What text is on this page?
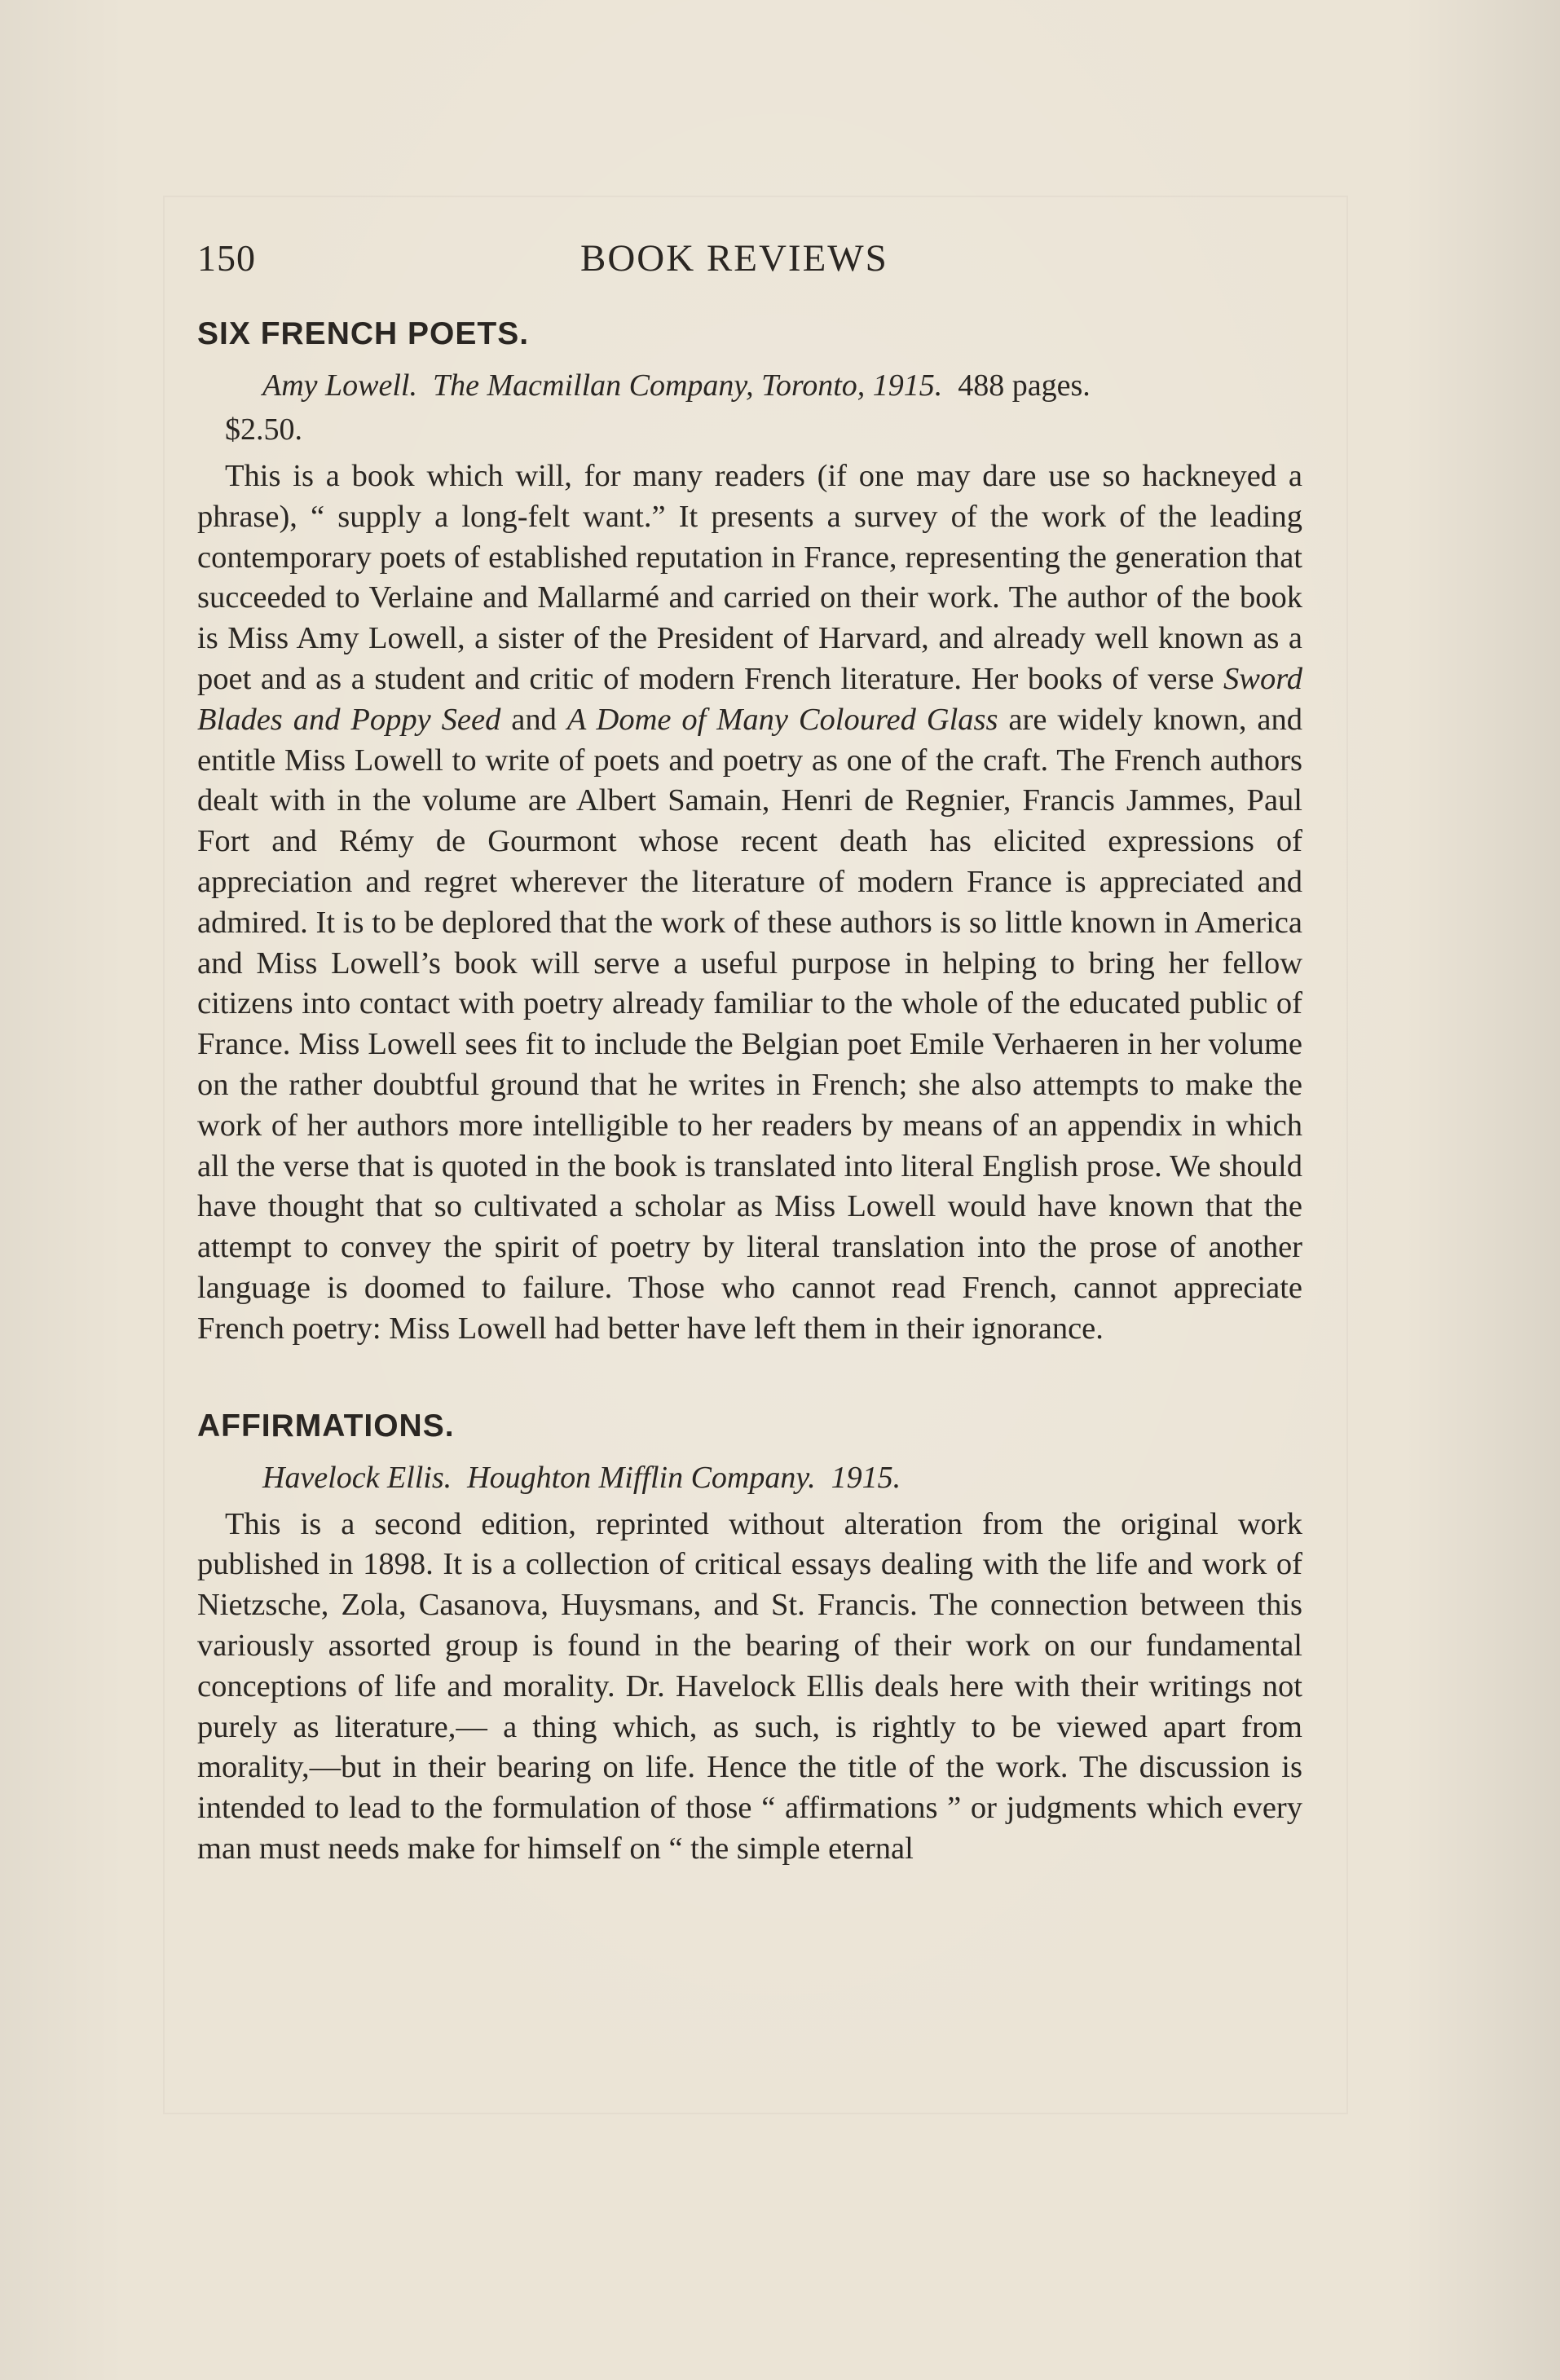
150	BOOK REVIEWS
SIX FRENCH POETS.
Amy Lowell. The Macmillan Company, Toronto, 1915. 488 pages.
$2.50.

This is a book which will, for many readers (if one may dare use so hackneyed a phrase), “ supply a long-felt want.” It presents a survey of the work of the leading contemporary poets of established reputation in France, representing the generation that succeeded to Verlaine and Mallarmé and carried on their work. The author of the book is Miss Amy Lowell, a sister of the President of Harvard, and already well known as a poet and as a student and critic of modern French literature. Her books of verse Sword Blades and Poppy Seed and A Dome of Many Coloured Glass are widely known, and entitle Miss Lowell to write of poets and poetry as one of the craft. The French authors dealt with in the volume are Albert Samain, Henri de Regnier, Francis Jammes, Paul Fort and Rémy de Gourmont whose recent death has elicited expressions of appreciation and regret wherever the literature of modern France is appreciated and admired. It is to be deplored that the work of these authors is so little known in America and Miss Lowell’s book will serve a useful purpose in helping to bring her fellow citizens into contact with poetry already familiar to the whole of the educated public of France. Miss Lowell sees fit to include the Belgian poet Emile Verhaeren in her volume on the rather doubtful ground that he writes in French; she also attempts to make the work of her authors more intelligible to her readers by means of an appendix in which all the verse that is quoted in the book is translated into literal English prose. We should have thought that so cultivated a scholar as Miss Lowell would have known that the attempt to convey the spirit of poetry by literal translation into the prose of another language is doomed to failure. Those who cannot read French, cannot appreciate French poetry: Miss Lowell had better have left them in their ignorance.

AFFIRMATIONS.
Havelock Ellis. Houghton Mifflin Company. 1915.

This is a second edition, reprinted without alteration from the original work published in 1898. It is a collection of critical essays dealing with the life and work of Nietzsche, Zola, Casanova, Huysmans, and St. Francis. The connection between this variously assorted group is found in the bearing of their work on our fundamental conceptions of life and morality. Dr. Havelock Ellis deals here with their writings not purely as literature,— a thing which, as such, is rightly to be viewed apart from morality,—but in their bearing on life. Hence the title of the work. The discussion is intended to lead to the formulation of those “ affirmations ” or judgments which every man must needs make for himself on “ the simple eternal
